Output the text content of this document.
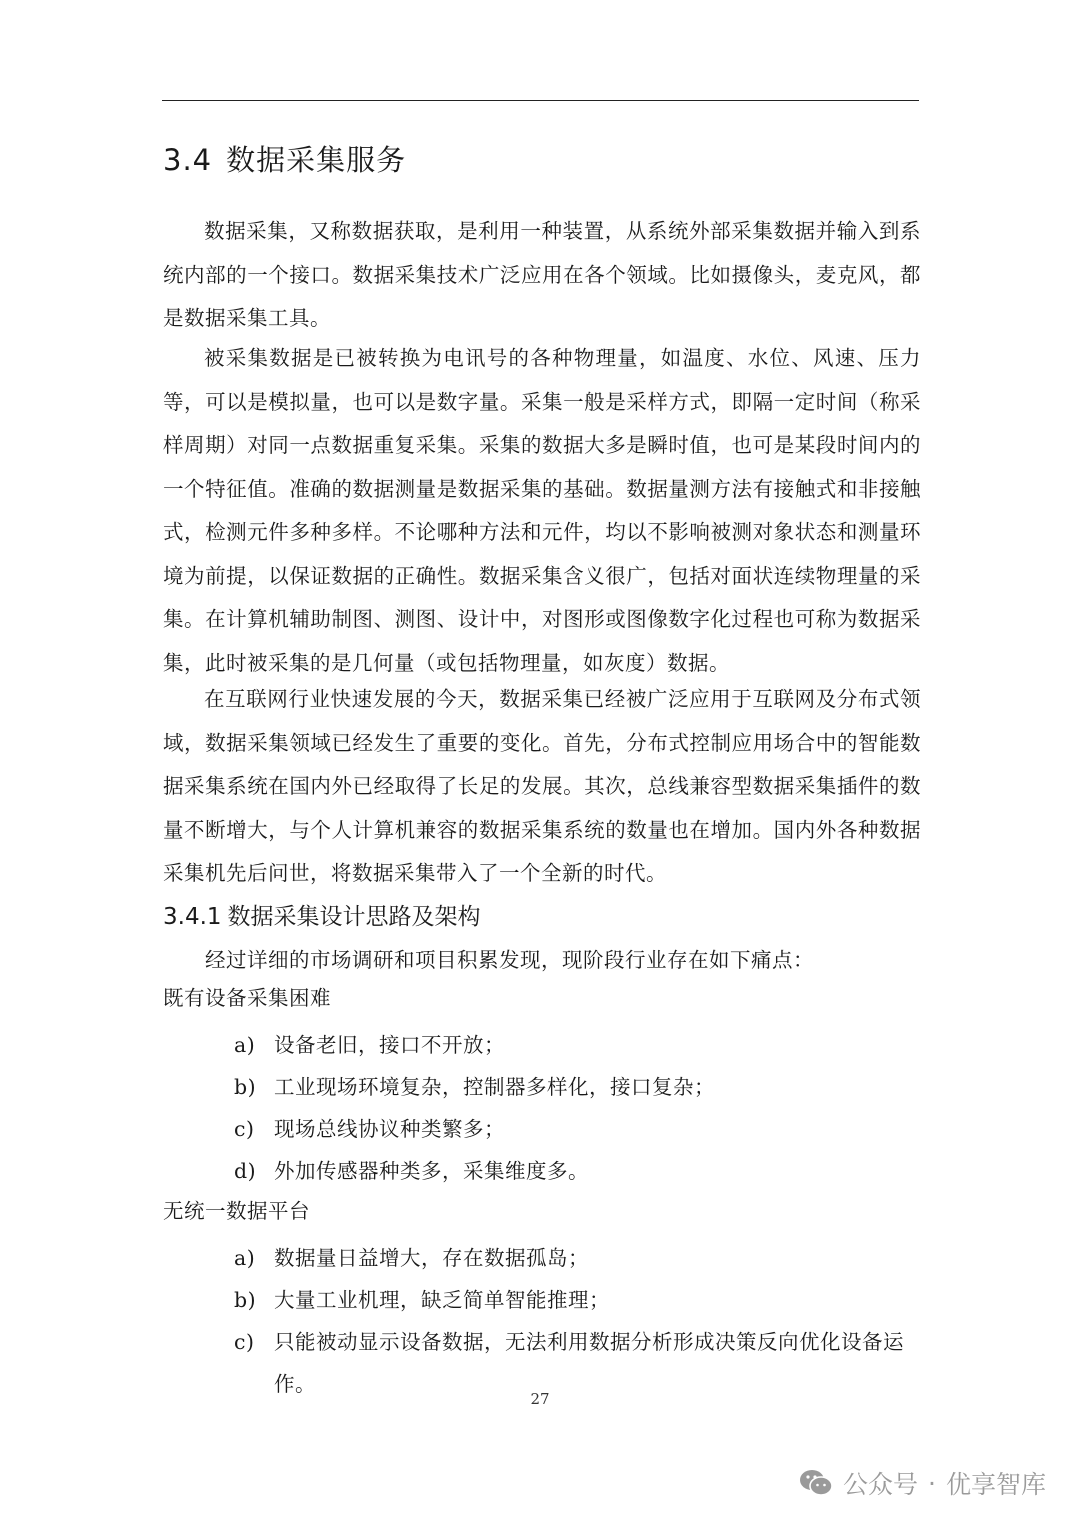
3.4 数据采集服务

数据采集，又称数据获取，是利用一种装置，从系统外部采集数据并输入到系统内部的一个接口。数据采集技术广泛应用在各个领域。比如摄像头，麦克风，都是数据采集工具。

被采集数据是已被转换为电讯号的各种物理量，如温度、水位、风速、压力等，可以是模拟量，也可以是数字量。采集一般是采样方式，即隔一定时间（称采样周期）对同一点数据重复采集。采集的数据大多是瞬时值，也可是某段时间内的一个特征值。准确的数据测量是数据采集的基础。数据量测方法有接触式和非接触式，检测元件多种多样。不论哪种方法和元件，均以不影响被测对象状态和测量环境为前提，以保证数据的正确性。数据采集含义很广，包括对面状连续物理量的采集。在计算机辅助制图、测图、设计中，对图形或图像数字化过程也可称为数据采集，此时被采集的是几何量（或包括物理量，如灰度）数据。

在互联网行业快速发展的今天，数据采集已经被广泛应用于互联网及分布式领域，数据采集领域已经发生了重要的变化。首先，分布式控制应用场合中的智能数据采集系统在国内外已经取得了长足的发展。其次，总线兼容型数据采集插件的数量不断增大，与个人计算机兼容的数据采集系统的数量也在增加。国内外各种数据采集机先后问世，将数据采集带入了一个全新的时代。

3.4.1 数据采集设计思路及架构

经过详细的市场调研和项目积累发现，现阶段行业存在如下痛点：

既有设备采集困难

a) 设备老旧，接口不开放；
b) 工业现场环境复杂，控制器多样化，接口复杂；
c) 现场总线协议种类繁多；
d) 外加传感器种类多，采集维度多。

无统一数据平台

a) 数据量日益增大，存在数据孤岛；
b) 大量工业机理，缺乏简单智能推理；
c) 只能被动显示设备数据，无法利用数据分析形成决策反向优化设备运作。
27
公众号 · 优享智库
